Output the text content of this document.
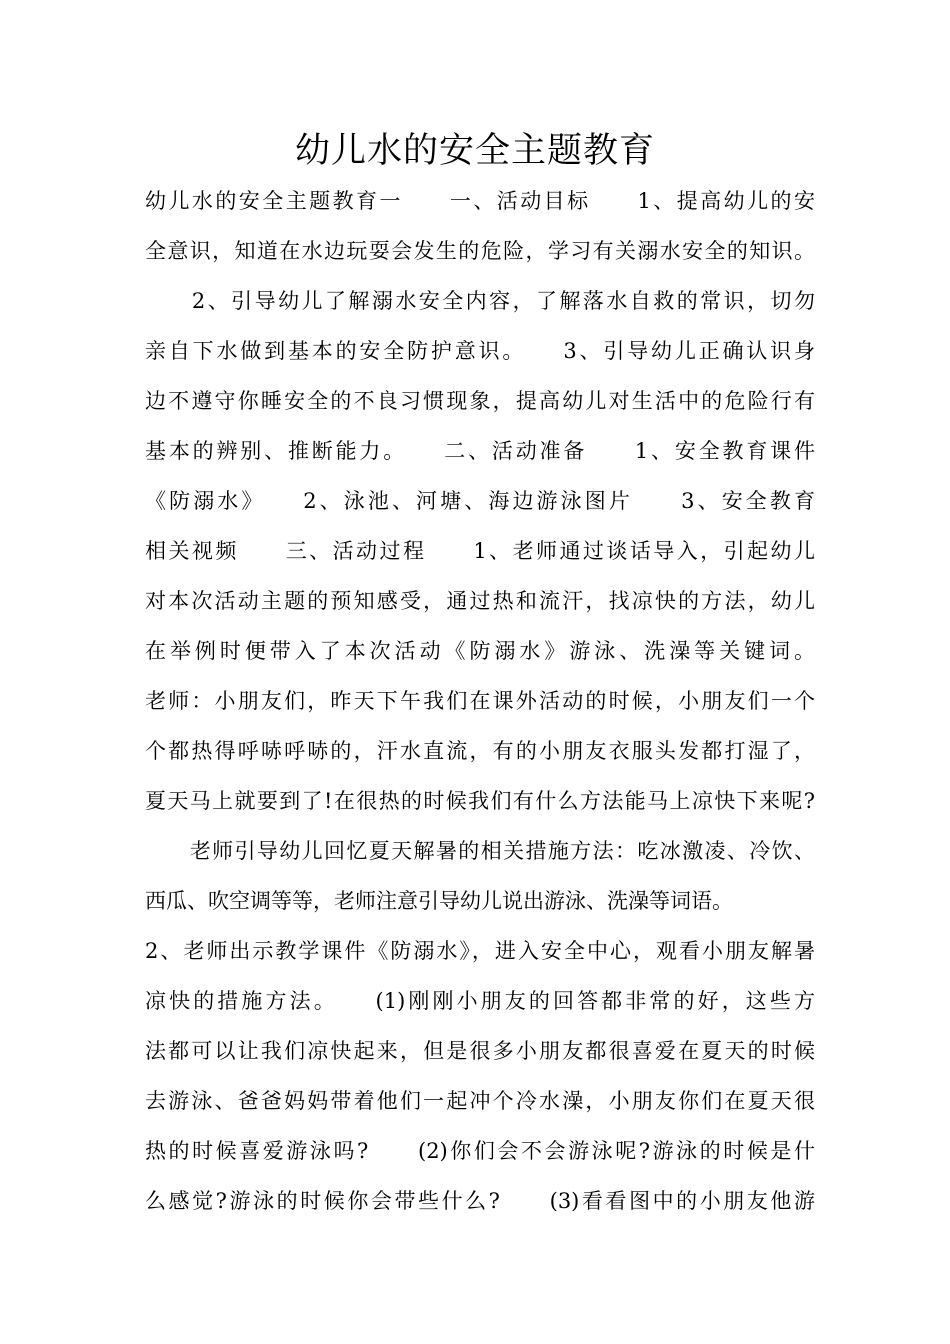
幼儿水的安全主题教育
幼儿水的安全主题教育一　　一、活动目标　　1、提高幼儿的安
全意识，知道在水边玩耍会发生的危险，学习有关溺水安全的知识。
　　2、引导幼儿了解溺水安全内容，了解落水自救的常识，切勿
亲自下水做到基本的安全防护意识。　　3、引导幼儿正确认识身
边不遵守你睡安全的不良习惯现象，提高幼儿对生活中的危险行有
基本的辨别、推断能力。　　二、活动准备　　1、安全教育课件
《防溺水》　　2、泳池、河塘、海边游泳图片　　3、安全教育
相关视频　　三、活动过程　　1、老师通过谈话导入，引起幼儿
对本次活动主题的预知感受，通过热和流汗，找凉快的方法，幼儿
在举例时便带入了本次活动《防溺水》游泳、洗澡等关键词。
老师：小朋友们，昨天下午我们在课外活动的时候，小朋友们一个
个都热得呼哧呼哧的，汗水直流，有的小朋友衣服头发都打湿了，
夏天马上就要到了!在很热的时候我们有什么方法能马上凉快下来呢?
　　老师引导幼儿回忆夏天解暑的相关措施方法：吃冰激凌、冷饮、
西瓜、吹空调等等，老师注意引导幼儿说出游泳、洗澡等词语。
2、老师出示教学课件《防溺水》，进入安全中心，观看小朋友解暑
凉快的措施方法。　　(1)刚刚小朋友的回答都非常的好，这些方
法都可以让我们凉快起来，但是很多小朋友都很喜爱在夏天的时候
去游泳、爸爸妈妈带着他们一起冲个冷水澡，小朋友你们在夏天很
热的时候喜爱游泳吗?　　(2)你们会不会游泳呢?游泳的时候是什
么感觉?游泳的时候你会带些什么?　　(3)看看图中的小朋友他游
